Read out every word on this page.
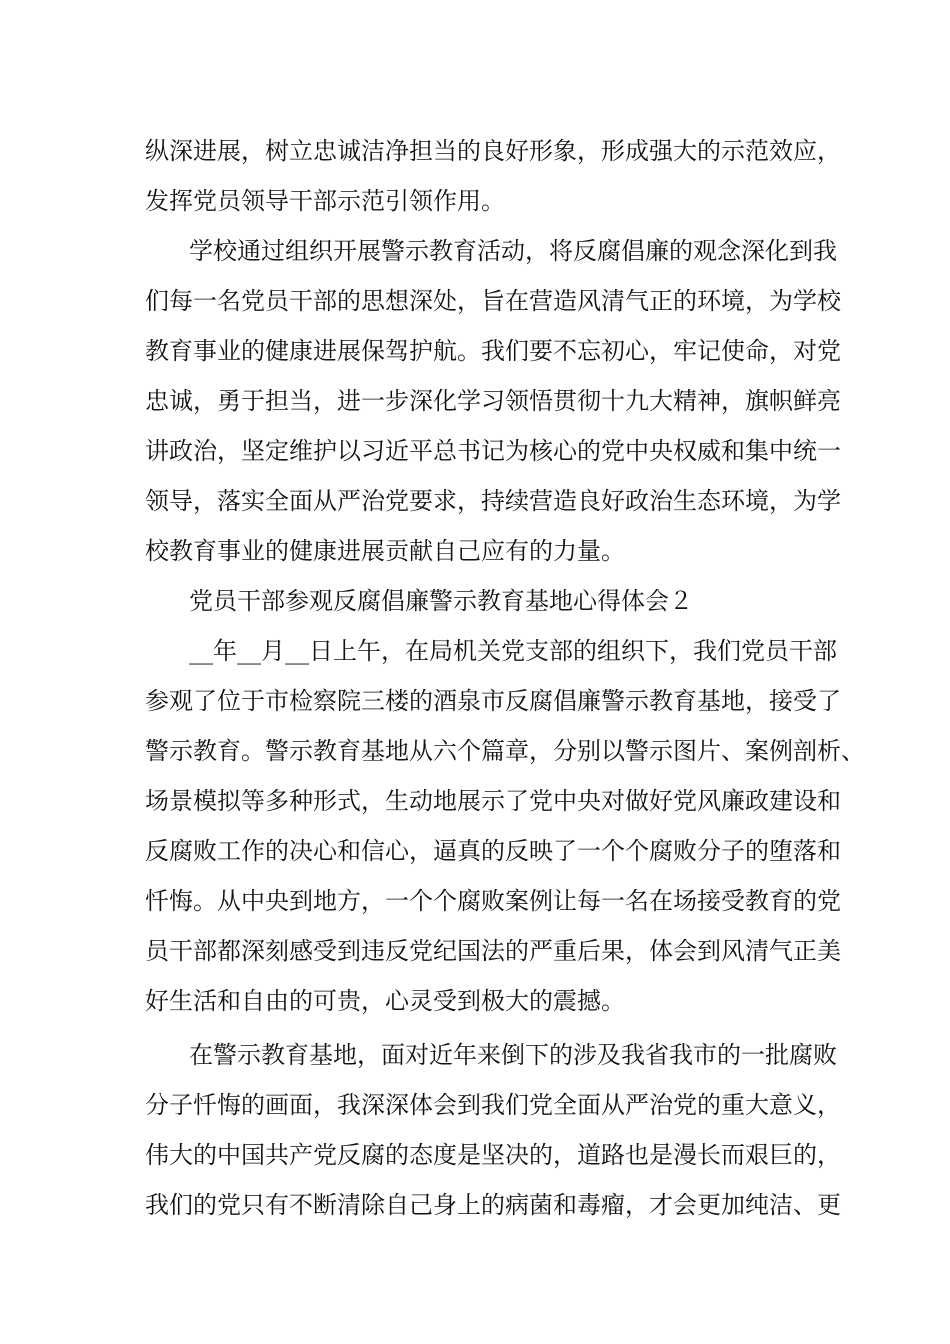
纵深进展，树立忠诚洁净担当的良好形象，形成强大的示范效应，
发挥党员领导干部示范引领作用。
学校通过组织开展警示教育活动，将反腐倡廉的观念深化到我
们每一名党员干部的思想深处，旨在营造风清气正的环境，为学校
教育事业的健康进展保驾护航。我们要不忘初心，牢记使命，对党
忠诚，勇于担当，进一步深化学习领悟贯彻十九大精神，旗帜鲜亮
讲政治，坚定维护以习近平总书记为核心的党中央权威和集中统一
领导，落实全面从严治党要求，持续营造良好政治生态环境，为学
校教育事业的健康进展贡献自己应有的力量。
党员干部参观反腐倡廉警示教育基地心得体会２
__年__月__日上午，在局机关党支部的组织下，我们党员干部
参观了位于市检察院三楼的酒泉市反腐倡廉警示教育基地，接受了
警示教育。警示教育基地从六个篇章，分别以警示图片、案例剖析、
场景模拟等多种形式，生动地展示了党中央对做好党风廉政建设和
反腐败工作的决心和信心，逼真的反映了一个个腐败分子的堕落和
忏悔。从中央到地方，一个个腐败案例让每一名在场接受教育的党
员干部都深刻感受到违反党纪国法的严重后果，体会到风清气正美
好生活和自由的可贵，心灵受到极大的震撼。
在警示教育基地，面对近年来倒下的涉及我省我市的一批腐败
分子忏悔的画面，我深深体会到我们党全面从严治党的重大意义，
伟大的中国共产党反腐的态度是坚决的，道路也是漫长而艰巨的，
我们的党只有不断清除自己身上的病菌和毒瘤，才会更加纯洁、更
